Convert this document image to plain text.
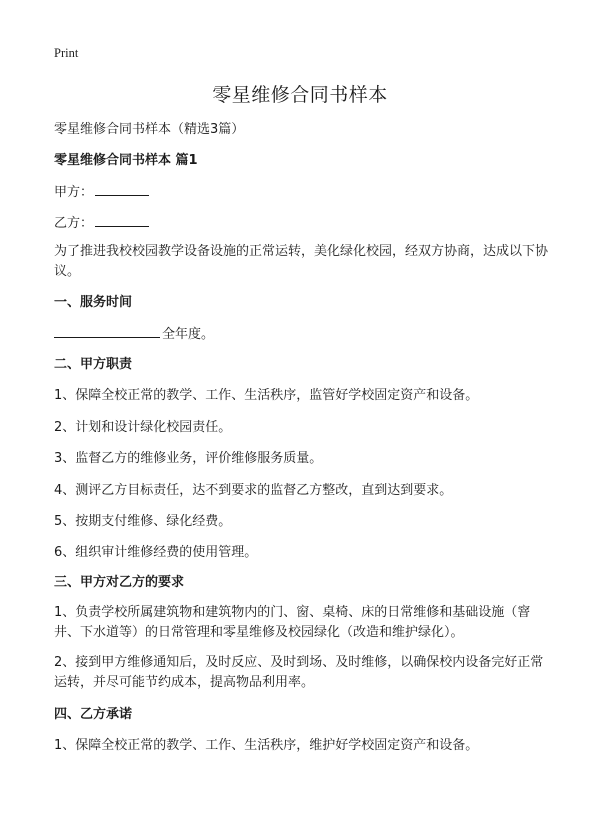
Print
零星维修合同书样本
零星维修合同书样本（精选3篇）
零星维修合同书样本 篇1
甲方：
乙方：
为了推进我校校园教学设备设施的正常运转，美化绿化校园，经双方协商，达成以下协议。
一、服务时间
全年度。
二、甲方职责
1、保障全校正常的教学、工作、生活秩序，监管好学校固定资产和设备。
2、计划和设计绿化校园责任。
3、监督乙方的维修业务，评价维修服务质量。
4、测评乙方目标责任，达不到要求的监督乙方整改，直到达到要求。
5、按期支付维修、绿化经费。
6、组织审计维修经费的使用管理。
三、甲方对乙方的要求
1、负责学校所属建筑物和建筑物内的门、窗、桌椅、床的日常维修和基础设施（窨井、下水道等）的日常管理和零星维修及校园绿化（改造和维护绿化）。
2、接到甲方维修通知后，及时反应、及时到场、及时维修，以确保校内设备完好正常运转，并尽可能节约成本，提高物品利用率。
四、乙方承诺
1、保障全校正常的教学、工作、生活秩序，维护好学校固定资产和设备。
